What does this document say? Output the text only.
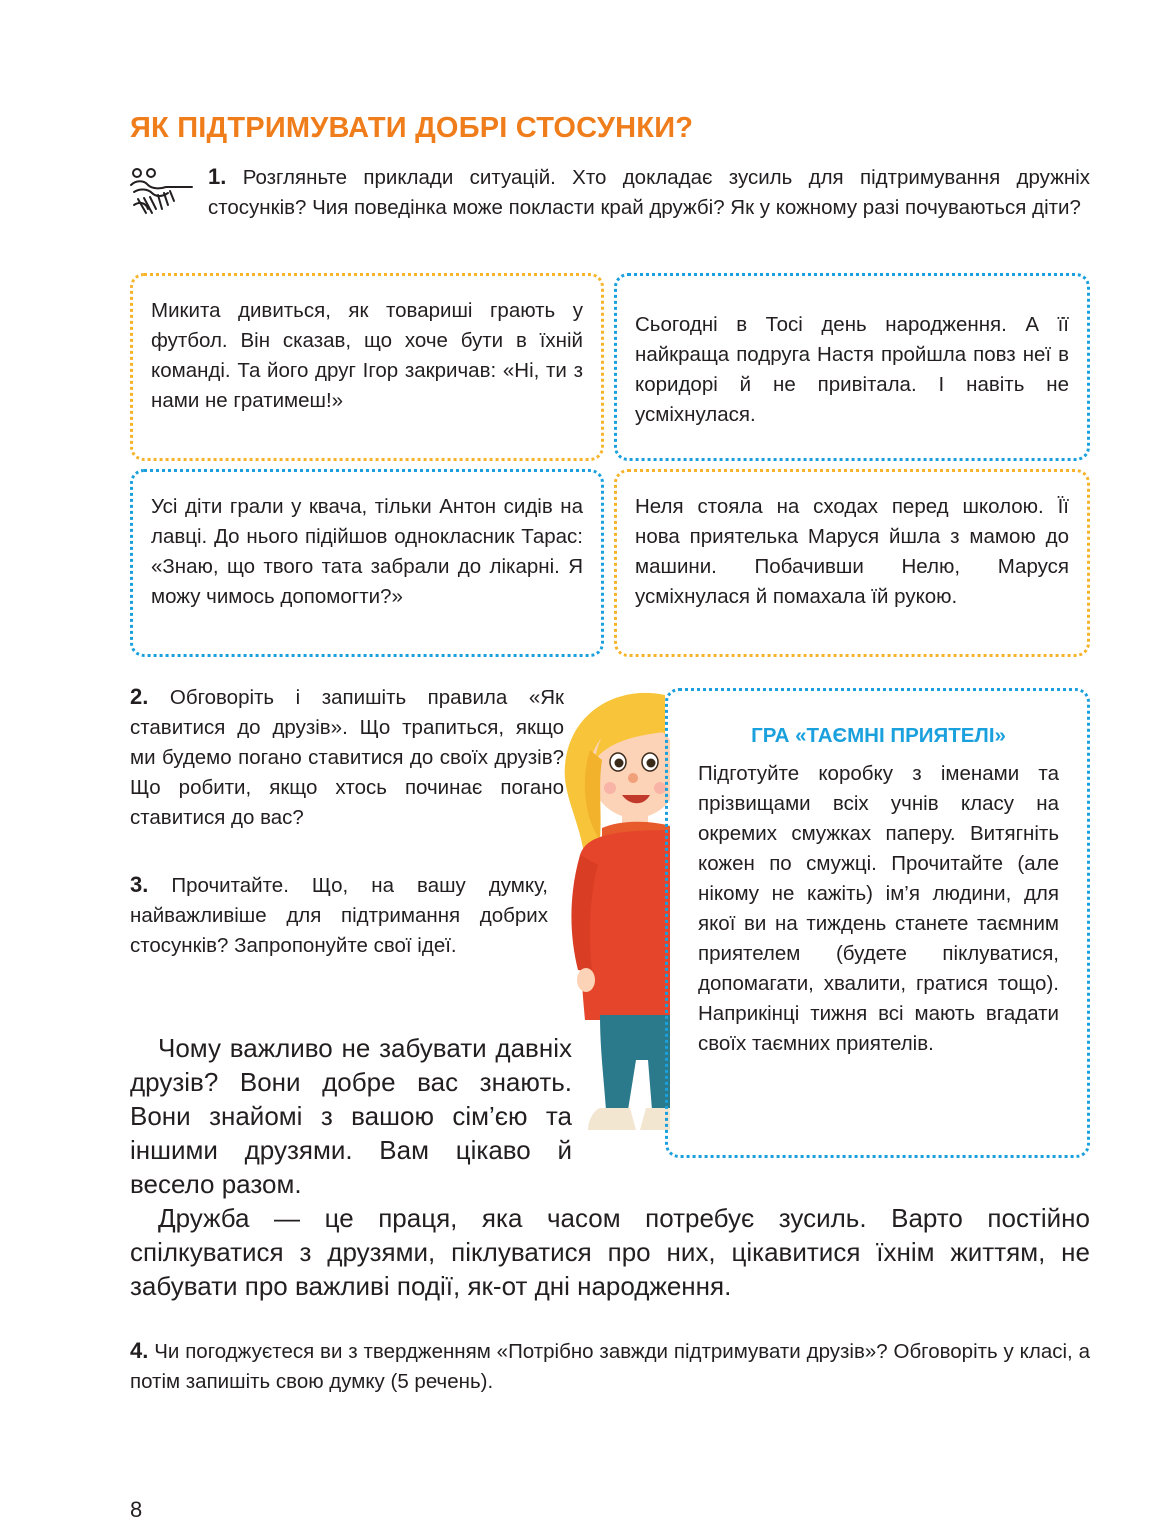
ЯК ПІДТРИМУВАТИ ДОБРІ СТОСУНКИ?
1. Розгляньте приклади ситуацій. Хто докладає зусиль для підтримування дружніх стосунків? Чия поведінка може покласти край дружбі? Як у кожному разі почуваються діти?
Микита дивиться, як товариші грають у футбол. Він сказав, що хоче бути в їхній команді. Та його друг Ігор закричав: «Ні, ти з нами не гратимеш!»
Сьогодні в Тосі день народження. А її найкраща подруга Настя пройшла повз неї в коридорі й не привітала. І навіть не усміхнулася.
Усі діти грали у квача, тільки Антон сидів на лавці. До нього підійшов однокласник Тарас: «Знаю, що твого тата забрали до лікарні. Я можу чимось допомогти?»
Неля стояла на сходах перед школою. Її нова приятелька Маруся йшла з мамою до машини. Побачивши Нелю, Маруся усміхнулася й помахала їй рукою.
2. Обговоріть і запишіть правила «Як ставитися до друзів». Що трапиться, якщо ми будемо погано ставитися до своїх друзів? Що робити, якщо хтось починає погано ставитися до вас?
3. Прочитайте. Що, на вашу думку, найважливіше для підтримання добрих стосунків? Запропонуйте свої ідеї.
ГРА «ТАЄМНІ ПРИЯТЕЛІ»
Підготуйте коробку з іменами та прізвищами всіх учнів класу на окремих смужках паперу. Витягніть кожен по смужці. Прочитайте (але нікому не кажіть) ім’я людини, для якої ви на тиждень станете таємним приятелем (будете піклуватися, допомагати, хвалити, гратися тощо). Наприкінці тижня всі мають вгадати своїх таємних приятелів.
Чому важливо не забувати давніх друзів? Вони добре вас знають. Вони знайомі з вашою сім’єю та іншими друзями. Вам цікаво й весело разом.
Дружба — це праця, яка часом потребує зусиль. Варто постійно спілкуватися з друзями, піклуватися про них, цікавитися їхнім життям, не забувати про важливі події, як-от дні народження.
4. Чи погоджуєтеся ви з твердженням «Потрібно завжди підтримувати друзів»? Обговоріть у класі, а потім запишіть свою думку (5 речень).
8
